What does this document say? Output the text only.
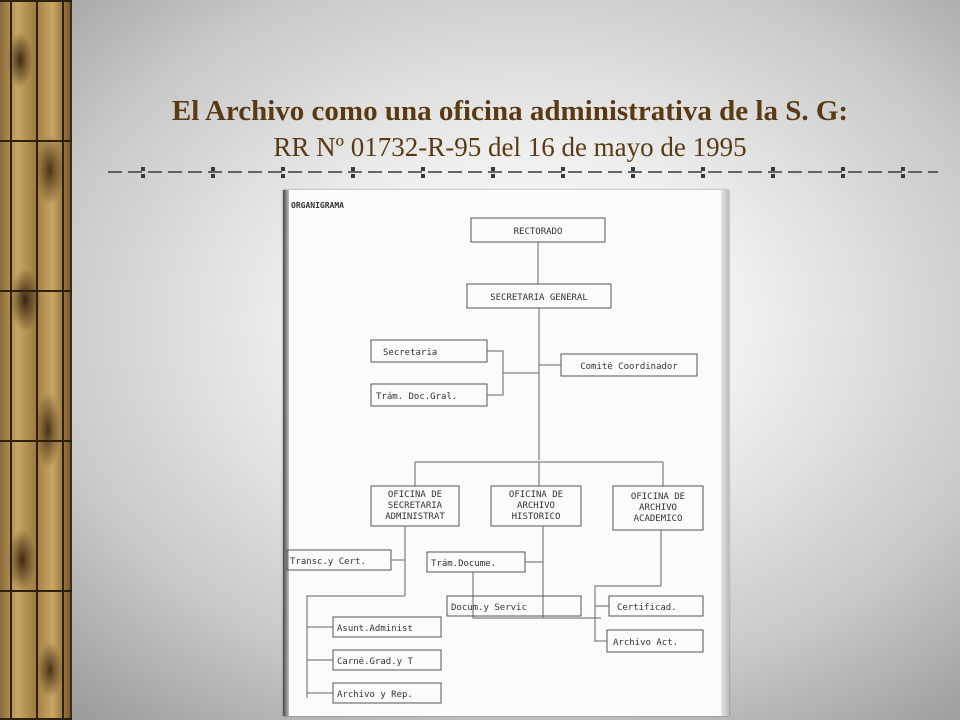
El Archivo como una oficina administrativa de la S. G:
RR Nº 01732-R-95 del 16 de mayo de 1995
ORGANIGRAMA
RECTORADO
SECRETARIA GENERAL
Secretaria
Trám. Doc.Gral.
Comité Coordinador
OFICINA DE
SECRETARIA
ADMINISTRAT
OFICINA DE
ARCHIVO
HISTORICO
OFICINA DE
ARCHIVO
ACADEMICO
Transc.y Cert.
Asunt.Administ
Carné.Grad.y T
Archivo y Rep.
Trám.Docume.
Docum.y Servic	Certificad.
Archivo Act.
